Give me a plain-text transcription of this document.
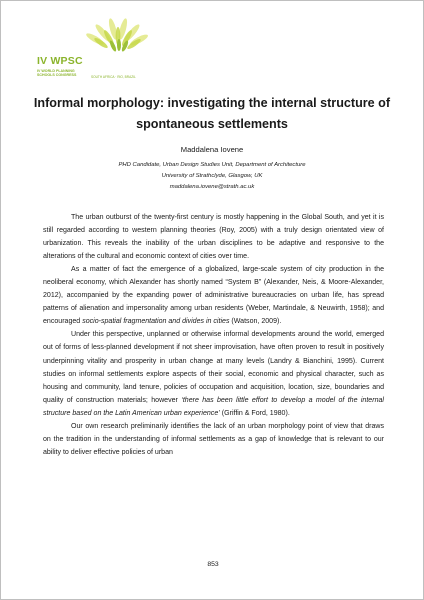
IV WPSC
IV WORLD PLANNING
SCHOOLS CONGRESS	SOUTH AFRICA · RIO, BRAZIL
Informal morphology: investigating the internal structure of
spontaneous settlements

Maddalena Iovene

PHD Candidate, Urban Design Studies Unit, Department of Architecture
University of Strathclyde, Glasgow, UK
maddalena.iovene@strath.ac.uk

The urban outburst of the twenty-first century is mostly happening in the Global South, and yet it is still regarded according to western planning theories (Roy, 2005) with a truly design orientated view of urbanization. This reveals the inability of the urban disciplines to be adaptive and responsive to the alterations of the cultural and economic context of cities over time.

As a matter of fact the emergence of a globalized, large-scale system of city production in the neoliberal economy, which Alexander has shortly named “System B” (Alexander, Neis, & Moore-Alexander, 2012), accompanied by the expanding power of administrative bureaucracies on urban life, has spread patterns of alienation and impersonality among urban residents (Weber, Martindale, & Neuwirth, 1958); and encouraged socio-spatial fragmentation and divides in cities (Watson, 2009).

Under this perspective, unplanned or otherwise informal developments around the world, emerged out of forms of less-planned development if not sheer improvisation, have often proven to result in positively underpinning vitality and prosperity in urban change at many levels (Landry & Bianchini, 1995). Current studies on informal settlements explore aspects of their social, economic and physical character, such as housing and community, land tenure, policies of occupation and acquisition, location, size, boundaries and quality of construction materials; however ‘there has been little effort to develop a model of the internal structure based on the Latin American urban experience’ (Griffin & Ford, 1980).

Our own research preliminarily identifies the lack of an urban morphology point of view that draws on the tradition in the understanding of informal settlements as a gap of knowledge that is relevant to our ability to deliver effective policies of urban

853
